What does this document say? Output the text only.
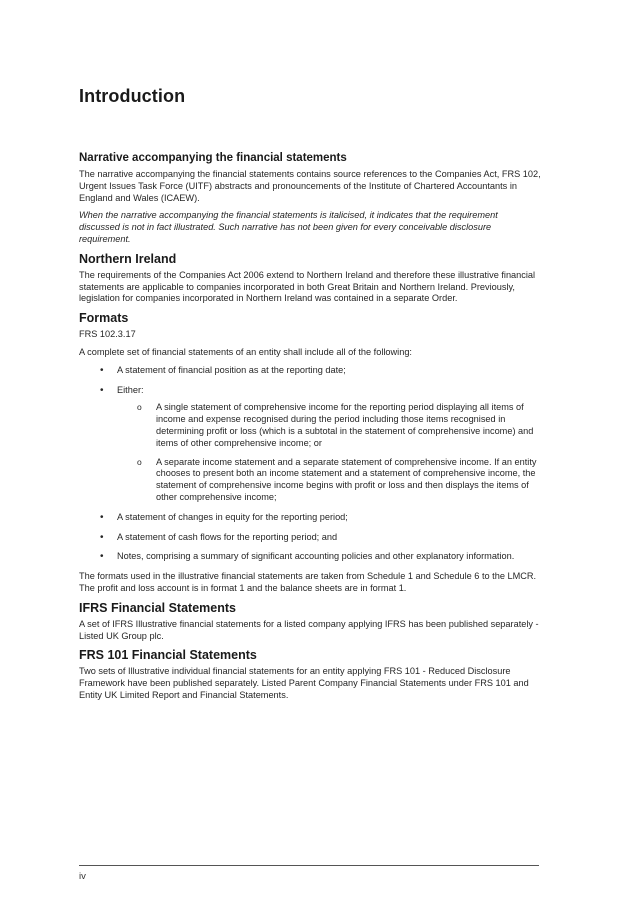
Introduction
Narrative accompanying the financial statements

The narrative accompanying the financial statements contains source references to the Companies Act, FRS 102, Urgent Issues Task Force (UITF) abstracts and pronouncements of the Institute of Chartered Accountants in England and Wales (ICAEW).

When the narrative accompanying the financial statements is italicised, it indicates that the requirement discussed is not in fact illustrated. Such narrative has not been given for every conceivable disclosure requirement.

Northern Ireland

The requirements of the Companies Act 2006 extend to Northern Ireland and therefore these illustrative financial statements are applicable to companies incorporated in both Great Britain and Northern Ireland. Previously, legislation for companies incorporated in Northern Ireland was contained in a separate Order.

Formats

FRS 102.3.17

A complete set of financial statements of an entity shall include all of the following:

• A statement of financial position as at the reporting date;
• Either:
o A single statement of comprehensive income for the reporting period displaying all items of income and expense recognised during the period including those items recognised in determining profit or loss (which is a subtotal in the statement of comprehensive income) and items of other comprehensive income; or
o A separate income statement and a separate statement of comprehensive income. If an entity chooses to present both an income statement and a statement of comprehensive income, the statement of comprehensive income begins with profit or loss and then displays the items of other comprehensive income;
• A statement of changes in equity for the reporting period;
• A statement of cash flows for the reporting period; and
• Notes, comprising a summary of significant accounting policies and other explanatory information.

The formats used in the illustrative financial statements are taken from Schedule 1 and Schedule 6 to the LMCR. The profit and loss account is in format 1 and the balance sheets are in format 1.

IFRS Financial Statements

A set of IFRS Illustrative financial statements for a listed company applying IFRS has been published separately - Listed UK Group plc.

FRS 101 Financial Statements

Two sets of Illustrative individual financial statements for an entity applying FRS 101 - Reduced Disclosure Framework have been published separately. Listed Parent Company Financial Statements under FRS 101 and Entity UK Limited Report and Financial Statements.

iv
